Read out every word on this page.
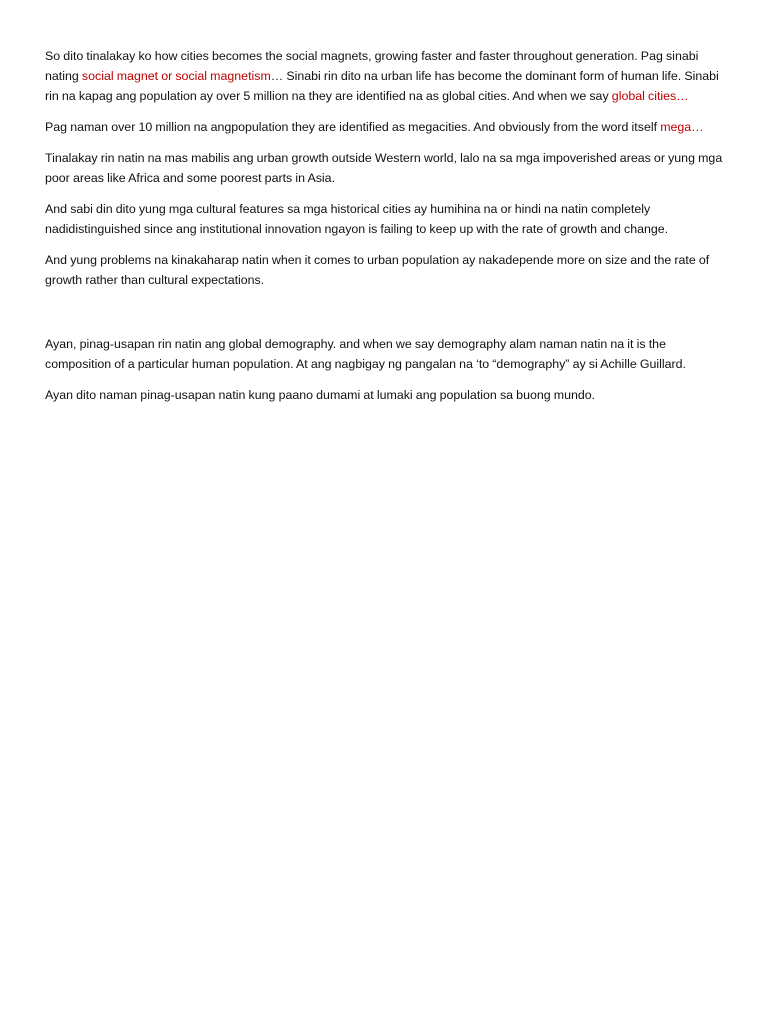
So dito tinalakay ko how cities becomes the social magnets, growing faster and faster throughout generation. Pag sinabi nating social magnet or social magnetism… Sinabi rin dito na urban life has become the dominant form of human life. Sinabi rin na kapag ang population ay over 5 million na they are identified na as global cities. And when we say global cities…

Pag naman over 10 million na angpopulation they are identified as megacities. And obviously from the word itself mega…

Tinalakay rin natin na mas mabilis ang urban growth outside Western world, lalo na sa mga impoverished areas or yung mga poor areas like Africa and some poorest parts in Asia.

And sabi din dito yung mga cultural features sa mga historical cities ay humihina na or hindi na natin completely nadidistinguished since ang institutional innovation ngayon is failing to keep up with the rate of growth and change.

And yung problems na kinakaharap natin when it comes to urban population ay nakadepende more on size and the rate of growth rather than cultural expectations.

Ayan, pinag-usapan rin natin ang global demography. and when we say demography alam naman natin na it is the composition of a particular human population. At ang nagbigay ng pangalan na ‘to “demography” ay si Achille Guillard.

Ayan dito naman pinag-usapan natin kung paano dumami at lumaki ang population sa buong mundo.
